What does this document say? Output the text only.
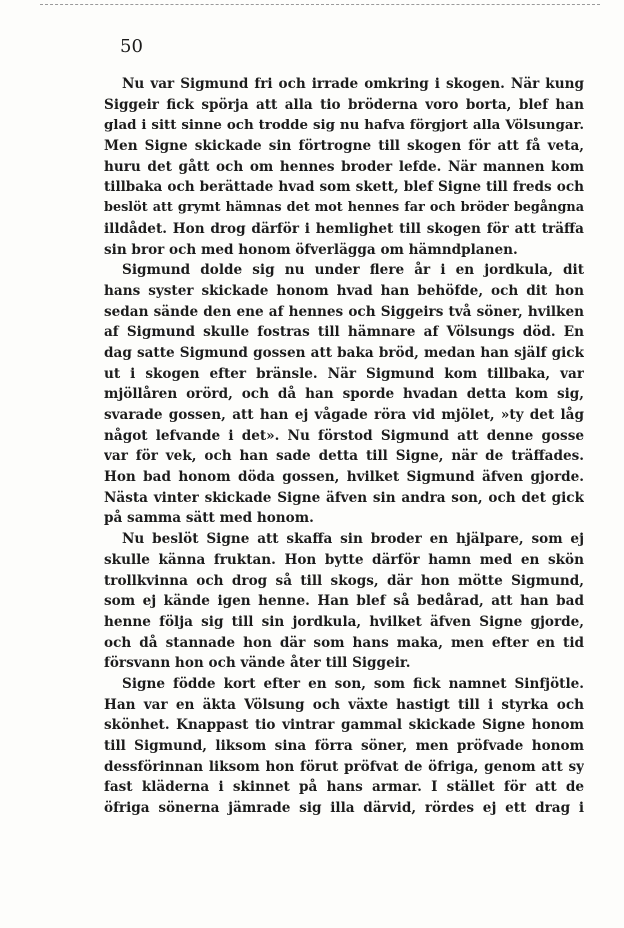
50
Nu var Sigmund fri och irrade omkring i skogen. När kung
Siggeir fick spörja att alla tio bröderna voro borta, blef han
glad i sitt sinne och trodde sig nu hafva förgjort alla Völsungar.
Men Signe skickade sin förtrogne till skogen för att få veta,
huru det gått och om hennes broder lefde. När mannen kom
tillbaka och berättade hvad som skett, blef Signe till freds och
beslöt att grymt hämnas det mot hennes far och bröder begångna
illdådet. Hon drog därför i hemlighet till skogen för att träffa
sin bror och med honom öfverlägga om hämndplanen.
Sigmund dolde sig nu under flere år i en jordkula, dit
hans syster skickade honom hvad han behöfde, och dit hon
sedan sände den ene af hennes och Siggeirs två söner, hvilken
af Sigmund skulle fostras till hämnare af Völsungs död. En
dag satte Sigmund gossen att baka bröd, medan han själf gick
ut i skogen efter bränsle. När Sigmund kom tillbaka, var
mjöllåren orörd, och då han sporde hvadan detta kom sig,
svarade gossen, att han ej vågade röra vid mjölet, »ty det låg
något lefvande i det». Nu förstod Sigmund att denne gosse
var för vek, och han sade detta till Signe, när de träffades.
Hon bad honom döda gossen, hvilket Sigmund äfven gjorde.
Nästa vinter skickade Signe äfven sin andra son, och det gick
på samma sätt med honom.
Nu beslöt Signe att skaffa sin broder en hjälpare, som ej
skulle känna fruktan. Hon bytte därför hamn med en skön
trollkvinna och drog så till skogs, där hon mötte Sigmund,
som ej kände igen henne. Han blef så bedårad, att han bad
henne följa sig till sin jordkula, hvilket äfven Signe gjorde,
och då stannade hon där som hans maka, men efter en tid
försvann hon och vände åter till Siggeir.
Signe födde kort efter en son, som fick namnet Sinfjötle.
Han var en äkta Völsung och växte hastigt till i styrka och
skönhet. Knappast tio vintrar gammal skickade Signe honom
till Sigmund, liksom sina förra söner, men pröfvade honom
dessförinnan liksom hon förut pröfvat de öfriga, genom att sy
fast kläderna i skinnet på hans armar. I stället för att de
öfriga sönerna jämrade sig illa därvid, rördes ej ett drag i
